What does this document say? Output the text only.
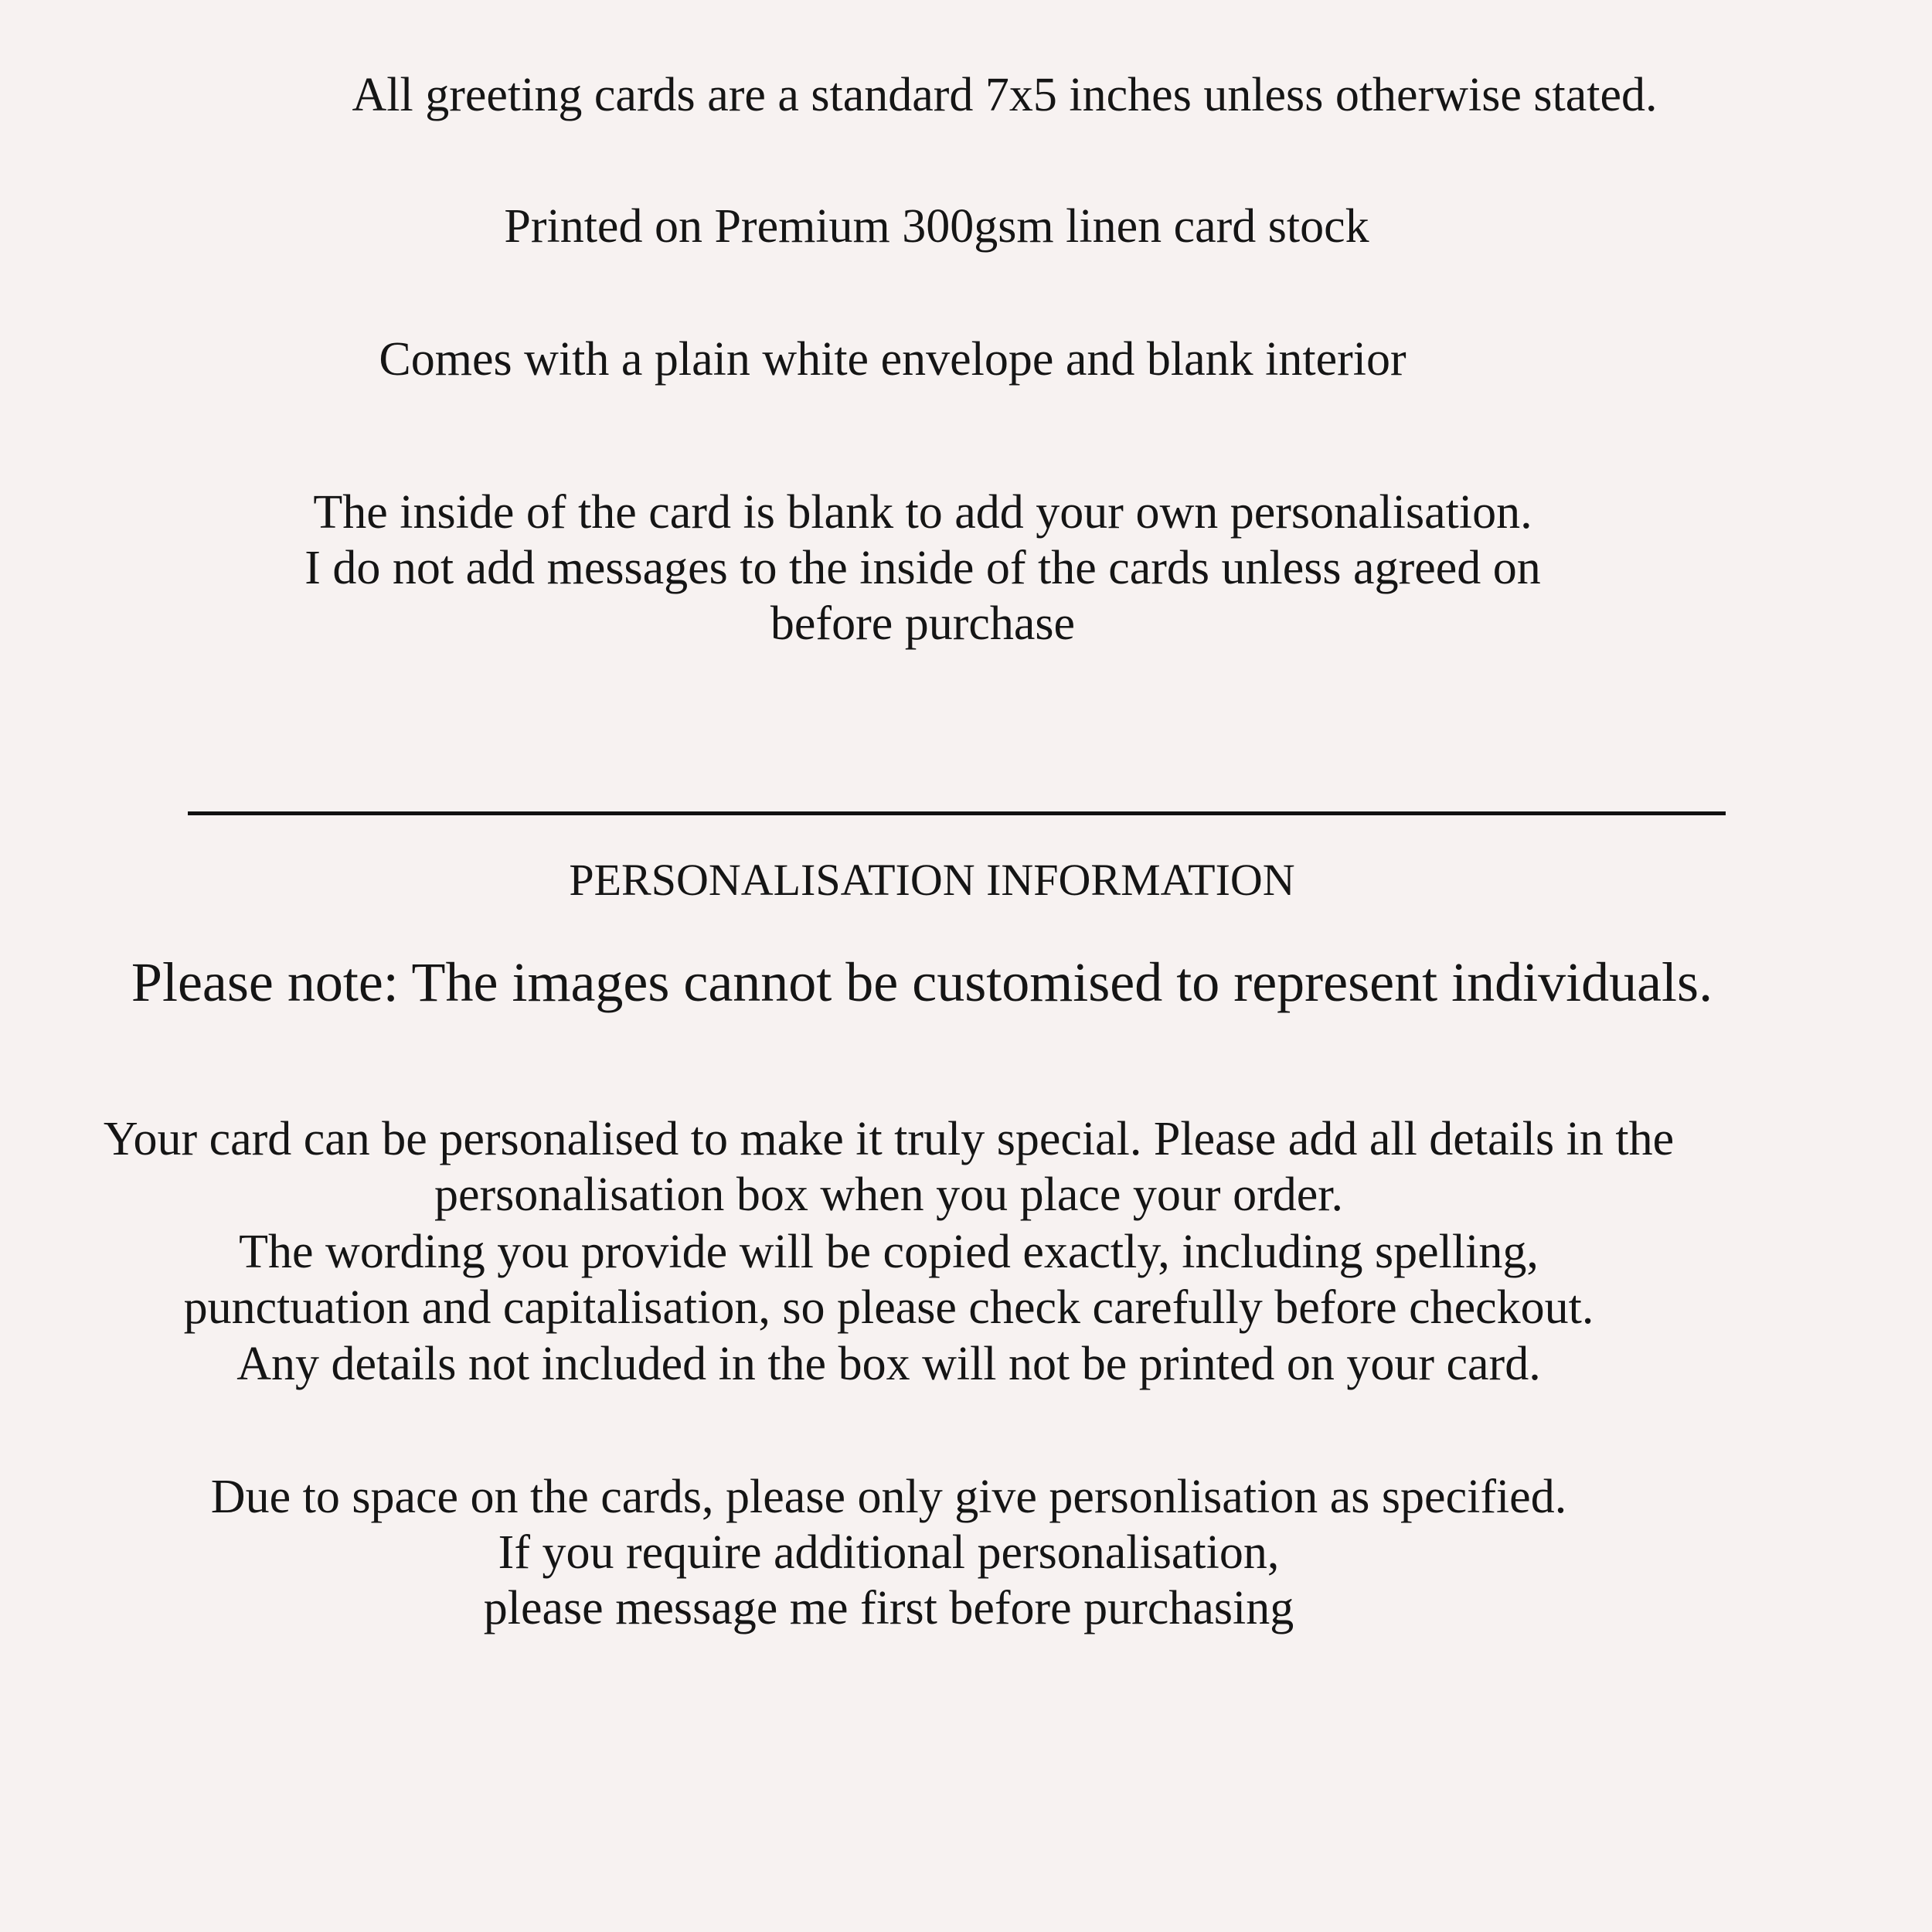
All greeting cards are a standard 7x5 inches unless otherwise stated.

Printed on Premium 300gsm linen card stock

Comes with a plain white envelope and blank interior

The inside of the card is blank to add your own personalisation.

I do not add messages to the inside of the cards unless agreed on

before purchase

PERSONALISATION INFORMATION

Please note: The images cannot be customised to represent individuals.

Your card can be personalised to make it truly special. Please add all details in the

personalisation box when you place your order.

The wording you provide will be copied exactly, including spelling,

punctuation and capitalisation, so please check carefully before checkout.

Any details not included in the box will not be printed on your card.

Due to space on the cards, please only give personlisation as specified.

If you require additional personalisation,

please message me first before purchasing
